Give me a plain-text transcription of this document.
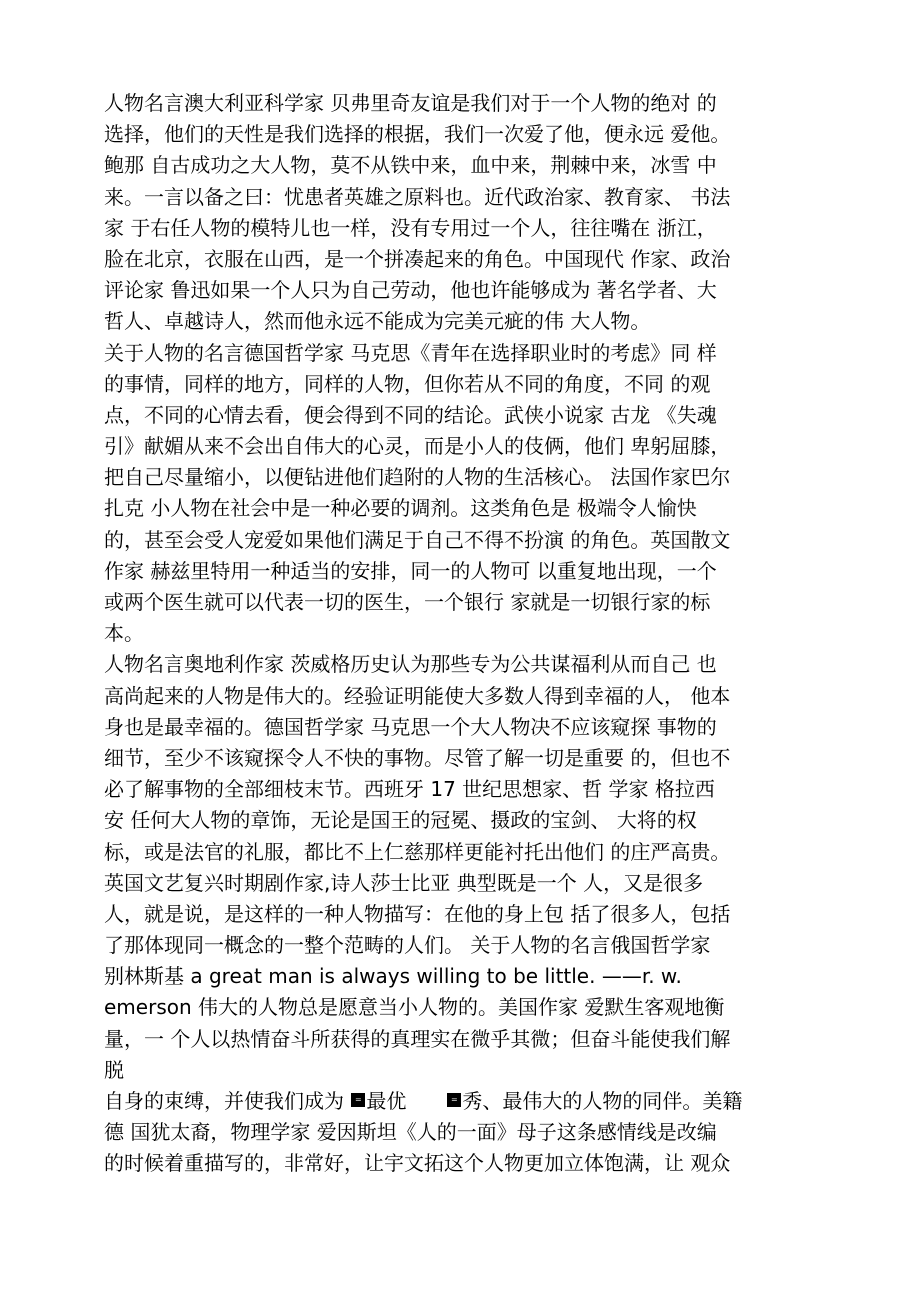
人物名言澳大利亚科学家 贝弗里奇友谊是我们对于一个人物的绝对 的
选择，他们的天性是我们选择的根据，我们一次爱了他，便永远 爱他。
鲍那 自古成功之大人物，莫不从铁中来，血中来，荆棘中来，冰雪 中
来。一言以备之曰：忧患者英雄之原料也。近代政治家、教育家、 书法
家 于右任人物的模特儿也一样，没有专用过一个人，往往嘴在 浙江，
脸在北京，衣服在山西，是一个拼凑起来的角色。中国现代 作家、政治
评论家 鲁迅如果一个人只为自己劳动，他也许能够成为 著名学者、大
哲人、卓越诗人，然而他永远不能成为完美元疵的伟 大人物。
关于人物的名言德国哲学家 马克思《青年在选择职业时的考虑》同 样
的事情，同样的地方，同样的人物，但你若从不同的角度，不同 的观
点，不同的心情去看，便会得到不同的结论。武侠小说家 古龙 《失魂
引》献媚从来不会出自伟大的心灵，而是小人的伎俩，他们 卑躬屈膝，
把自己尽量缩小，以便钻进他们趋附的人物的生活核心。 法国作家巴尔
扎克 小人物在社会中是一种必要的调剂。这类角色是 极端令人愉快
的，甚至会受人宠爱如果他们满足于自己不得不扮演 的角色。英国散文
作家 赫兹里特用一种适当的安排，同一的人物可 以重复地出现，一个
或两个医生就可以代表一切的医生，一个银行 家就是一切银行家的标
本。
人物名言奥地利作家 茨威格历史认为那些专为公共谋福利从而自己 也
高尚起来的人物是伟大的。经验证明能使大多数人得到幸福的人， 他本
身也是最幸福的。德国哲学家 马克思一个大人物决不应该窥探 事物的
细节，至少不该窥探令人不快的事物。尽管了解一切是重要 的，但也不
必了解事物的全部细枝末节。西班牙 17 世纪思想家、哲 学家 格拉西
安 任何大人物的章饰，无论是国王的冠冕、摄政的宝剑、 大将的权
标，或是法官的礼服，都比不上仁慈那样更能衬托出他们 的庄严高贵。
英国文艺复兴时期剧作家,诗人莎士比亚 典型既是一个 人，又是很多
人，就是说，是这样的一种人物描写：在他的身上包 括了很多人，包括
了那体现同一概念的一整个范畴的人们。 关于人物的名言俄国哲学家
别林斯基 a great man is always willing to be little. ——r. w.
emerson 伟大的人物总是愿意当小人物的。美国作家 爱默生客观地衡
量，一 个人以热情奋斗所获得的真理实在微乎其微；但奋斗能使我们解
脱
自身的束缚，并使我们成为 = 最优	= 秀、最伟大的人物的同伴。美籍
德 国犹太裔，物理学家 爱因斯坦《人的一面》母子这条感情线是改编
的时候着重描写的，非常好，让宇文拓这个人物更加立体饱满，让 观众
